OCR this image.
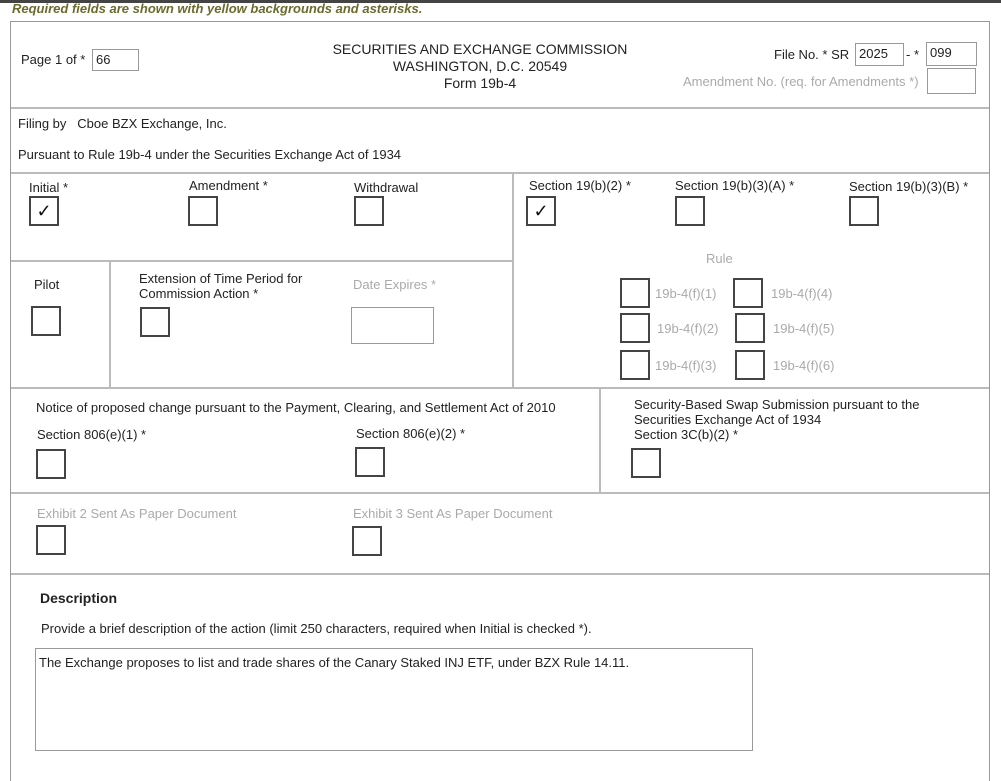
Required fields are shown with yellow backgrounds and asterisks.
Page 1 of * 66
SECURITIES AND EXCHANGE COMMISSION
WASHINGTON, D.C. 20549
Form 19b-4
File No. * SR 2025	- * 099
Amendment No. (req. for Amendments *)
Filing by Cboe BZX Exchange, Inc.
Pursuant to Rule 19b-4 under the Securities Exchange Act of 1934
Initial *
✓
Amendment *	Withdrawal	Section 19(b)(2) *
✓
Section 19(b)(3)(A) *	Section 19(b)(3)(B) *
Pilot	Extension of Time Period for
Commission Action *
Date Expires *
Rule
19b-4(f)(1)
19b-4(f)(2)
19b-4(f)(3)
19b-4(f)(4)
19b-4(f)(5)
19b-4(f)(6)
Notice of proposed change pursuant to the Payment, Clearing, and Settlement Act of 2010
Section 806(e)(1) *	Section 806(e)(2) *
Security-Based Swap Submission pursuant to the
Securities Exchange Act of 1934
Section 3C(b)(2) *
Exhibit 2 Sent As Paper Document	Exhibit 3 Sent As Paper Document
Description
Provide a brief description of the action (limit 250 characters, required when Initial is checked *).
The Exchange proposes to list and trade shares of the Canary Staked INJ ETF, under BZX Rule 14.11.
